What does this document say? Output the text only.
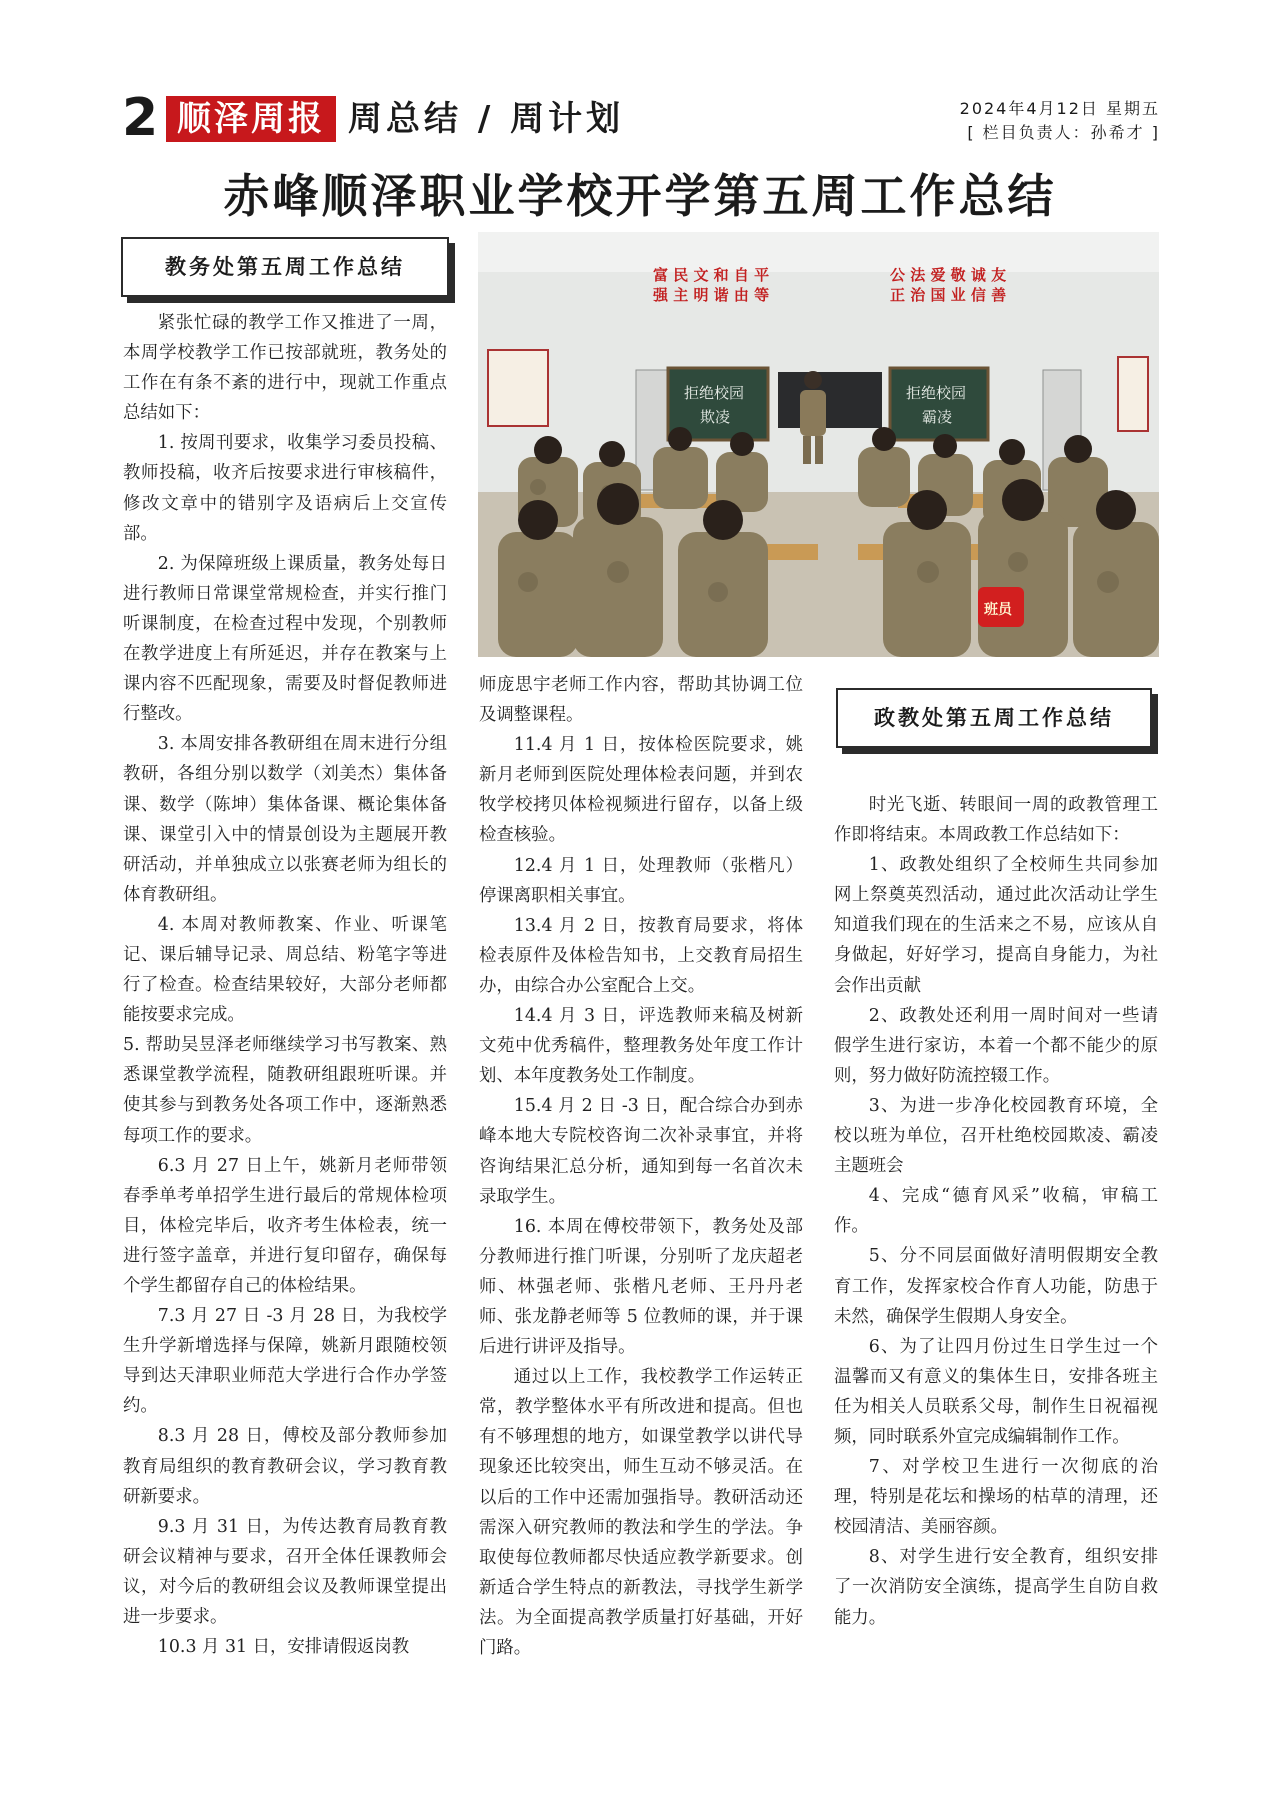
2 顺泽周报 周总结 / 周计划	2024年4月12日 星期五
[ 栏目负责人：孙希才 ]
赤峰顺泽职业学校开学第五周工作总结
教务处第五周工作总结
政教处第五周工作总结
富 民 文 和 自 平
强 主 明 谐 由 等
公 法 爱 敬 诚 友
正 治 国 业 信 善
拒绝校园
欺凌
拒绝校园
霸凌
班员

紧张忙碌的教学工作又推进了一周，本周学校教学工作已按部就班，教务处的工作在有条不紊的进行中，现就工作重点总结如下：

1. 按周刊要求，收集学习委员投稿、教师投稿，收齐后按要求进行审核稿件，修改文章中的错别字及语病后上交宣传部。

2. 为保障班级上课质量，教务处每日进行教师日常课堂常规检查，并实行推门听课制度，在检查过程中发现，个别教师在教学进度上有所延迟，并存在教案与上课内容不匹配现象，需要及时督促教师进行整改。

3. 本周安排各教研组在周末进行分组教研，各组分别以数学（刘美杰）集体备课、数学（陈坤）集体备课、概论集体备课、课堂引入中的情景创设为主题展开教研活动，并单独成立以张赛老师为组长的体育教研组。

4. 本周对教师教案、作业、听课笔记、课后辅导记录、周总结、粉笔字等进行了检查。检查结果较好，大部分老师都能按要求完成。

5. 帮助吴昱泽老师继续学习书写教案、熟悉课堂教学流程，随教研组跟班听课。并使其参与到教务处各项工作中，逐渐熟悉每项工作的要求。

6.3 月 27 日上午，姚新月老师带领春季单考单招学生进行最后的常规体检项目，体检完毕后，收齐考生体检表，统一进行签字盖章，并进行复印留存，确保每个学生都留存自己的体检结果。

7.3 月 27 日 -3 月 28 日，为我校学生升学新增选择与保障，姚新月跟随校领导到达天津职业师范大学进行合作办学签约。

8.3 月 28 日，傅校及部分教师参加教育局组织的教育教研会议，学习教育教研新要求。

9.3 月 31 日，为传达教育局教育教研会议精神与要求，召开全体任课教师会议，对今后的教研组会议及教师课堂提出进一步要求。

10.3 月 31 日，安排请假返岗教

师庞思宇老师工作内容，帮助其协调工位及调整课程。

11.4 月 1 日，按体检医院要求，姚新月老师到医院处理体检表问题，并到农牧学校拷贝体检视频进行留存，以备上级检查核验。

12.4 月 1 日，处理教师（张楷凡）停课离职相关事宜。

13.4 月 2 日，按教育局要求，将体检表原件及体检告知书，上交教育局招生办，由综合办公室配合上交。

14.4 月 3 日，评选教师来稿及树新文苑中优秀稿件，整理教务处年度工作计划、本年度教务处工作制度。

15.4 月 2 日 -3 日，配合综合办到赤峰本地大专院校咨询二次补录事宜，并将咨询结果汇总分析，通知到每一名首次未录取学生。

16. 本周在傅校带领下，教务处及部分教师进行推门听课，分别听了龙庆超老师、林强老师、张楷凡老师、王丹丹老师、张龙静老师等 5 位教师的课，并于课后进行讲评及指导。

通过以上工作，我校教学工作运转正常，教学整体水平有所改进和提高。但也有不够理想的地方，如课堂教学以讲代导现象还比较突出，师生互动不够灵活。在以后的工作中还需加强指导。教研活动还需深入研究教师的教法和学生的学法。争取使每位教师都尽快适应教学新要求。创新适合学生特点的新教法，寻找学生新学法。为全面提高教学质量打好基础，开好门路。

时光飞逝、转眼间一周的政教管理工作即将结束。本周政教工作总结如下：

1、政教处组织了全校师生共同参加网上祭奠英烈活动，通过此次活动让学生知道我们现在的生活来之不易，应该从自身做起，好好学习，提高自身能力，为社会作出贡献

2、政教处还利用一周时间对一些请假学生进行家访，本着一个都不能少的原则，努力做好防流控辍工作。

3、为进一步净化校园教育环境，全校以班为单位，召开杜绝校园欺凌、霸凌主题班会

4、完成“德育风采”收稿，审稿工作。

5、分不同层面做好清明假期安全教育工作，发挥家校合作育人功能，防患于未然，确保学生假期人身安全。

6、为了让四月份过生日学生过一个温馨而又有意义的集体生日，安排各班主任为相关人员联系父母，制作生日祝福视频，同时联系外宣完成编辑制作工作。

7、对学校卫生进行一次彻底的治理，特别是花坛和操场的枯草的清理，还校园清洁、美丽容颜。

8、对学生进行安全教育，组织安排了一次消防安全演练，提高学生自防自救能力。
